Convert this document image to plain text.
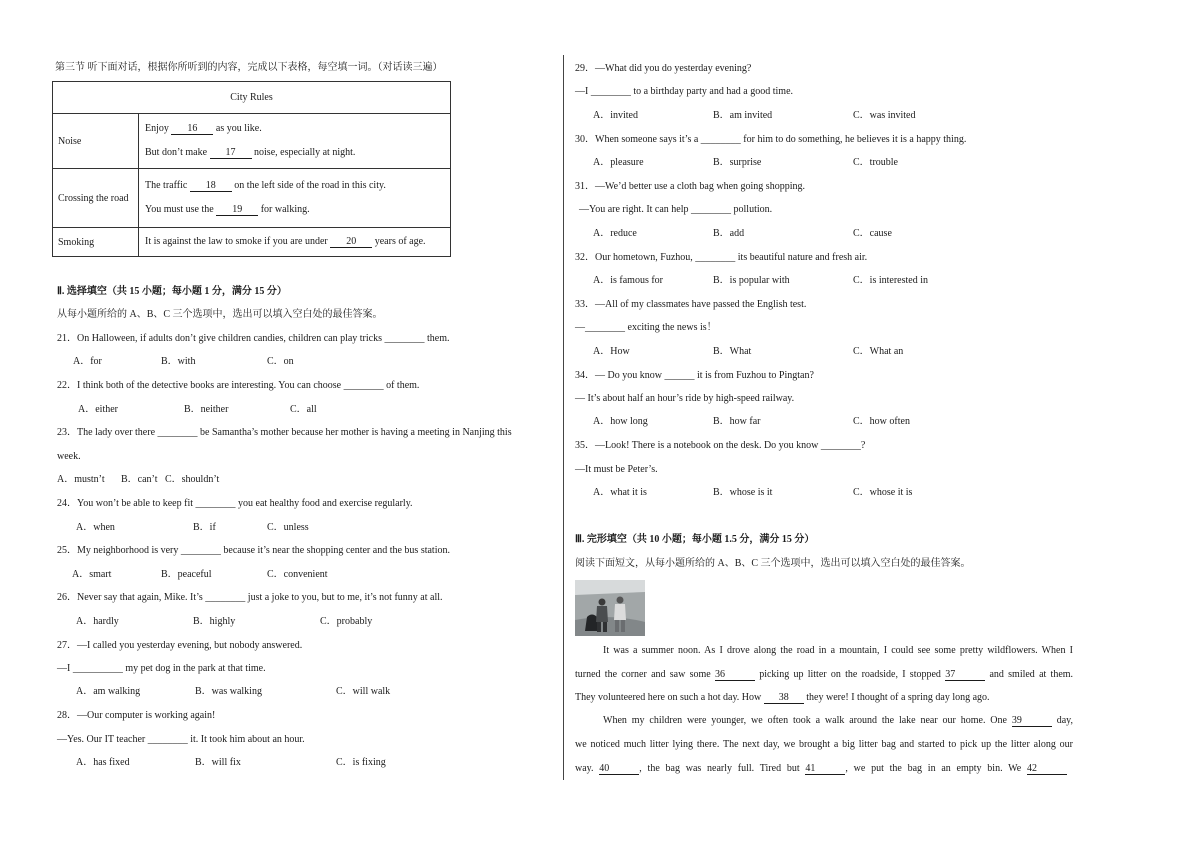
第三节 听下面对话，根据你所听到的内容，完成以下表格，每空填一词。（对话读三遍）
City Rules	
Noise	Enjoy 16 as you like.
But don’t make 17 noise, especially at night.

Crossing the road	The traffic 18 on the left side of the road in this city.
You must use the 19 for walking.

Smoking	It is against the law to smoke if you are under 20 years of age.
Ⅱ. 选择填空（共 15 小题；每小题 1 分，满分 15 分）
从每小题所给的 A、B、C 三个选项中，选出可以填入空白处的最佳答案。
21．On Halloween, if adults don’t give children candies, children can play tricks ________ them.
A．for	B．with	C．on
22．I think both of the detective books are interesting. You can choose ________ of them.
A．either	B．neither	C．all
23．The lady over there ________ be Samantha’s mother because her mother is having a meeting in Nanjing this
week.
A．mustn’t B．can’t C．shouldn’t
24．You won’t be able to keep fit ________ you eat healthy food and exercise regularly.
A．when	B．if	C．unless
25．My neighborhood is very ________ because it’s near the shopping center and the bus station.
A．smart	B．peaceful	C．convenient
26．Never say that again, Mike. It’s ________ just a joke to you, but to me, it’s not funny at all.
A．hardly	B．highly	C．probably
27．—I called you yesterday evening, but nobody answered.
—I __________ my pet dog in the park at that time.
A．am walking	B．was walking	C．will walk
28．—Our computer is working again!
—Yes. Our IT teacher ________ it. It took him about an hour.
A．has fixed	B．will fix	C．is fixing
29．—What did you do yesterday evening?
—I ________ to a birthday party and had a good time.
A．invited	B．am invited	C．was invited
30．When someone says it’s a ________ for him to do something, he believes it is a happy thing.
A．pleasure	B．surprise	C．trouble
31．—We’d better use a cloth bag when going shopping.
—You are right. It can help ________ pollution.
A．reduce	B．add	C．cause
32．Our hometown, Fuzhou, ________ its beautiful nature and fresh air.
A．is famous for	B．is popular with	C．is interested in
33．—All of my classmates have passed the English test.
—________ exciting the news is！
A．How	B．What	C．What an
34．— Do you know ______ it is from Fuzhou to Pingtan?
— It’s about half an hour’s ride by high-speed railway.
A．how long	B．how far	C．how often
35．—Look! There is a notebook on the desk. Do you know ________?
—It must be Peter’s.
A．what it is	B．whose is it	C．whose it is
Ⅲ. 完形填空（共 10 小题；每小题 1.5 分，满分 15 分）
阅读下面短文，从每小题所给的 A、B、C 三个选项中，选出可以填入空白处的最佳答案。
It was a summer noon. As I drove along the road in a mountain, I could see some pretty wildflowers. When I
turned the corner and saw some 36	picking up litter on the roadside, I stopped 37	and smiled at them.
They volunteered here on such a hot day. How 38 they were! I thought of a spring day long ago.
When my children were younger, we often took a walk around the lake near our home. One 39	day,
we noticed much litter lying there. The next day, we brought a big litter bag and started to pick up the litter along our
way. 40	, the bag was nearly full. Tired but 41	, we put the bag in an empty bin. We 42
